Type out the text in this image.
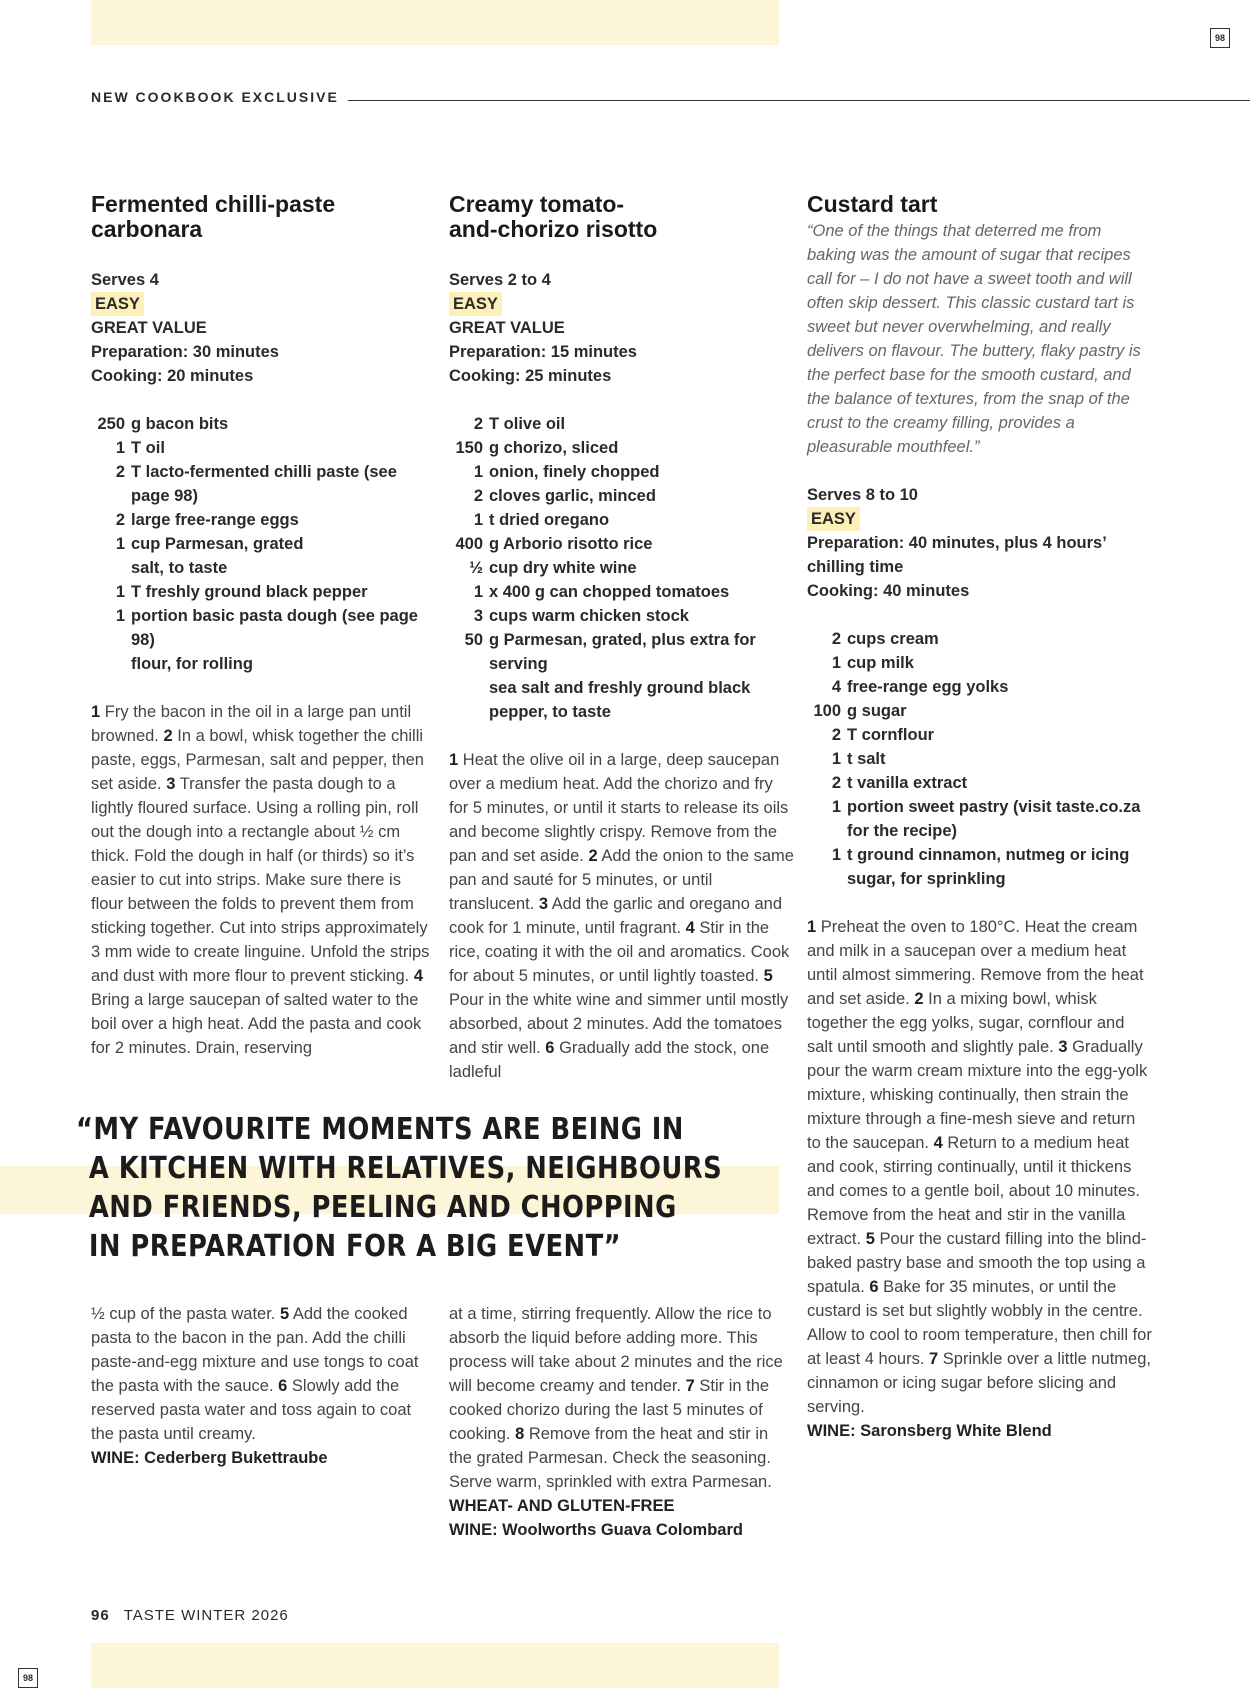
98
98
NEW COOKBOOK EXCLUSIVE
Fermented chilli-paste
carbonara
Serves 4
EASY
GREAT VALUE
Preparation: 30 minutes
Cooking: 20 minutes
250 g bacon bits
1 T oil
2 T lacto-fermented chilli paste (see page 98)
2 large free-range eggs
1 cup Parmesan, grated
salt, to taste
1 T freshly ground black pepper
1 portion basic pasta dough (see page 98)
flour, for rolling
1 Fry the bacon in the oil in a large pan until browned. 2 In a bowl, whisk together the chilli paste, eggs, Parmesan, salt and pepper, then set aside. 3 Transfer the pasta dough to a lightly floured surface. Using a rolling pin, roll out the dough into a rectangle about ½ cm thick. Fold the dough in half (or thirds) so it’s easier to cut into strips. Make sure there is flour between the folds to prevent them from sticking together. Cut into strips approximately 3 mm wide to create linguine. Unfold the strips and dust with more flour to prevent sticking. 4 Bring a large saucepan of salted water to the boil over a high heat. Add the pasta and cook for 2 minutes. Drain, reserving
½ cup of the pasta water. 5 Add the cooked pasta to the bacon in the pan. Add the chilli paste-and-egg mixture and use tongs to coat the pasta with the sauce. 6 Slowly add the reserved pasta water and toss again to coat the pasta until creamy.
WINE: Cederberg Bukettraube
Creamy tomato-
and-chorizo risotto
Serves 2 to 4
EASY
GREAT VALUE
Preparation: 15 minutes
Cooking: 25 minutes
2 T olive oil
150 g chorizo, sliced
1 onion, finely chopped
2 cloves garlic, minced
1 t dried oregano
400 g Arborio risotto rice
½ cup dry white wine
1 x 400 g can chopped tomatoes
3 cups warm chicken stock
50 g Parmesan, grated, plus extra for serving
sea salt and freshly ground black pepper, to taste
1 Heat the olive oil in a large, deep saucepan over a medium heat. Add the chorizo and fry for 5 minutes, or until it starts to release its oils and become slightly crispy. Remove from the pan and set aside. 2 Add the onion to the same pan and sauté for 5 minutes, or until translucent. 3 Add the garlic and oregano and cook for 1 minute, until fragrant. 4 Stir in the rice, coating it with the oil and aromatics. Cook for about 5 minutes, or until lightly toasted. 5 Pour in the white wine and simmer until mostly absorbed, about 2 minutes. Add the tomatoes and stir well. 6 Gradually add the stock, one ladleful
at a time, stirring frequently. Allow the rice to absorb the liquid before adding more. This process will take about 2 minutes and the rice will become creamy and tender. 7 Stir in the cooked chorizo during the last 5 minutes of cooking. 8 Remove from the heat and stir in the grated Parmesan. Check the seasoning. Serve warm, sprinkled with extra Parmesan.
WHEAT- AND GLUTEN-FREE
WINE: Woolworths Guava Colombard
Custard tart
“One of the things that deterred me from baking was the amount of sugar that recipes call for – I do not have a sweet tooth and will often skip dessert. This classic custard tart is sweet but never overwhelming, and really delivers on flavour. The buttery, flaky pastry is the perfect base for the smooth custard, and the balance of textures, from the snap of the crust to the creamy filling, provides a pleasurable mouthfeel.”
Serves 8 to 10
EASY
Preparation: 40 minutes, plus 4 hours’ chilling time
Cooking: 40 minutes
2 cups cream
1 cup milk
4 free-range egg yolks
100 g sugar
2 T cornflour
1 t salt
2 t vanilla extract
1 portion sweet pastry (visit taste.co.za for the recipe)
1 t ground cinnamon, nutmeg or icing sugar, for sprinkling
1 Preheat the oven to 180°C. Heat the cream and milk in a saucepan over a medium heat until almost simmering. Remove from the heat and set aside. 2 In a mixing bowl, whisk together the egg yolks, sugar, cornflour and salt until smooth and slightly pale. 3 Gradually pour the warm cream mixture into the egg-yolk mixture, whisking continually, then strain the mixture through a fine-mesh sieve and return to the saucepan. 4 Return to a medium heat and cook, stirring continually, until it thickens and comes to a gentle boil, about 10 minutes. Remove from the heat and stir in the vanilla extract. 5 Pour the custard filling into the blind-baked pastry base and smooth the top using a spatula. 6 Bake for 35 minutes, or until the custard is set but slightly wobbly in the centre. Allow to cool to room temperature, then chill for at least 4 hours. 7 Sprinkle over a little nutmeg, cinnamon or icing sugar before slicing and serving.
WINE: Saronsberg White Blend
“MY FAVOURITE MOMENTS ARE BEING IN
A KITCHEN WITH RELATIVES, NEIGHBOURS
AND FRIENDS, PEELING AND CHOPPING
IN PREPARATION FOR A BIG EVENT”
96 TASTE WINTER 2026
